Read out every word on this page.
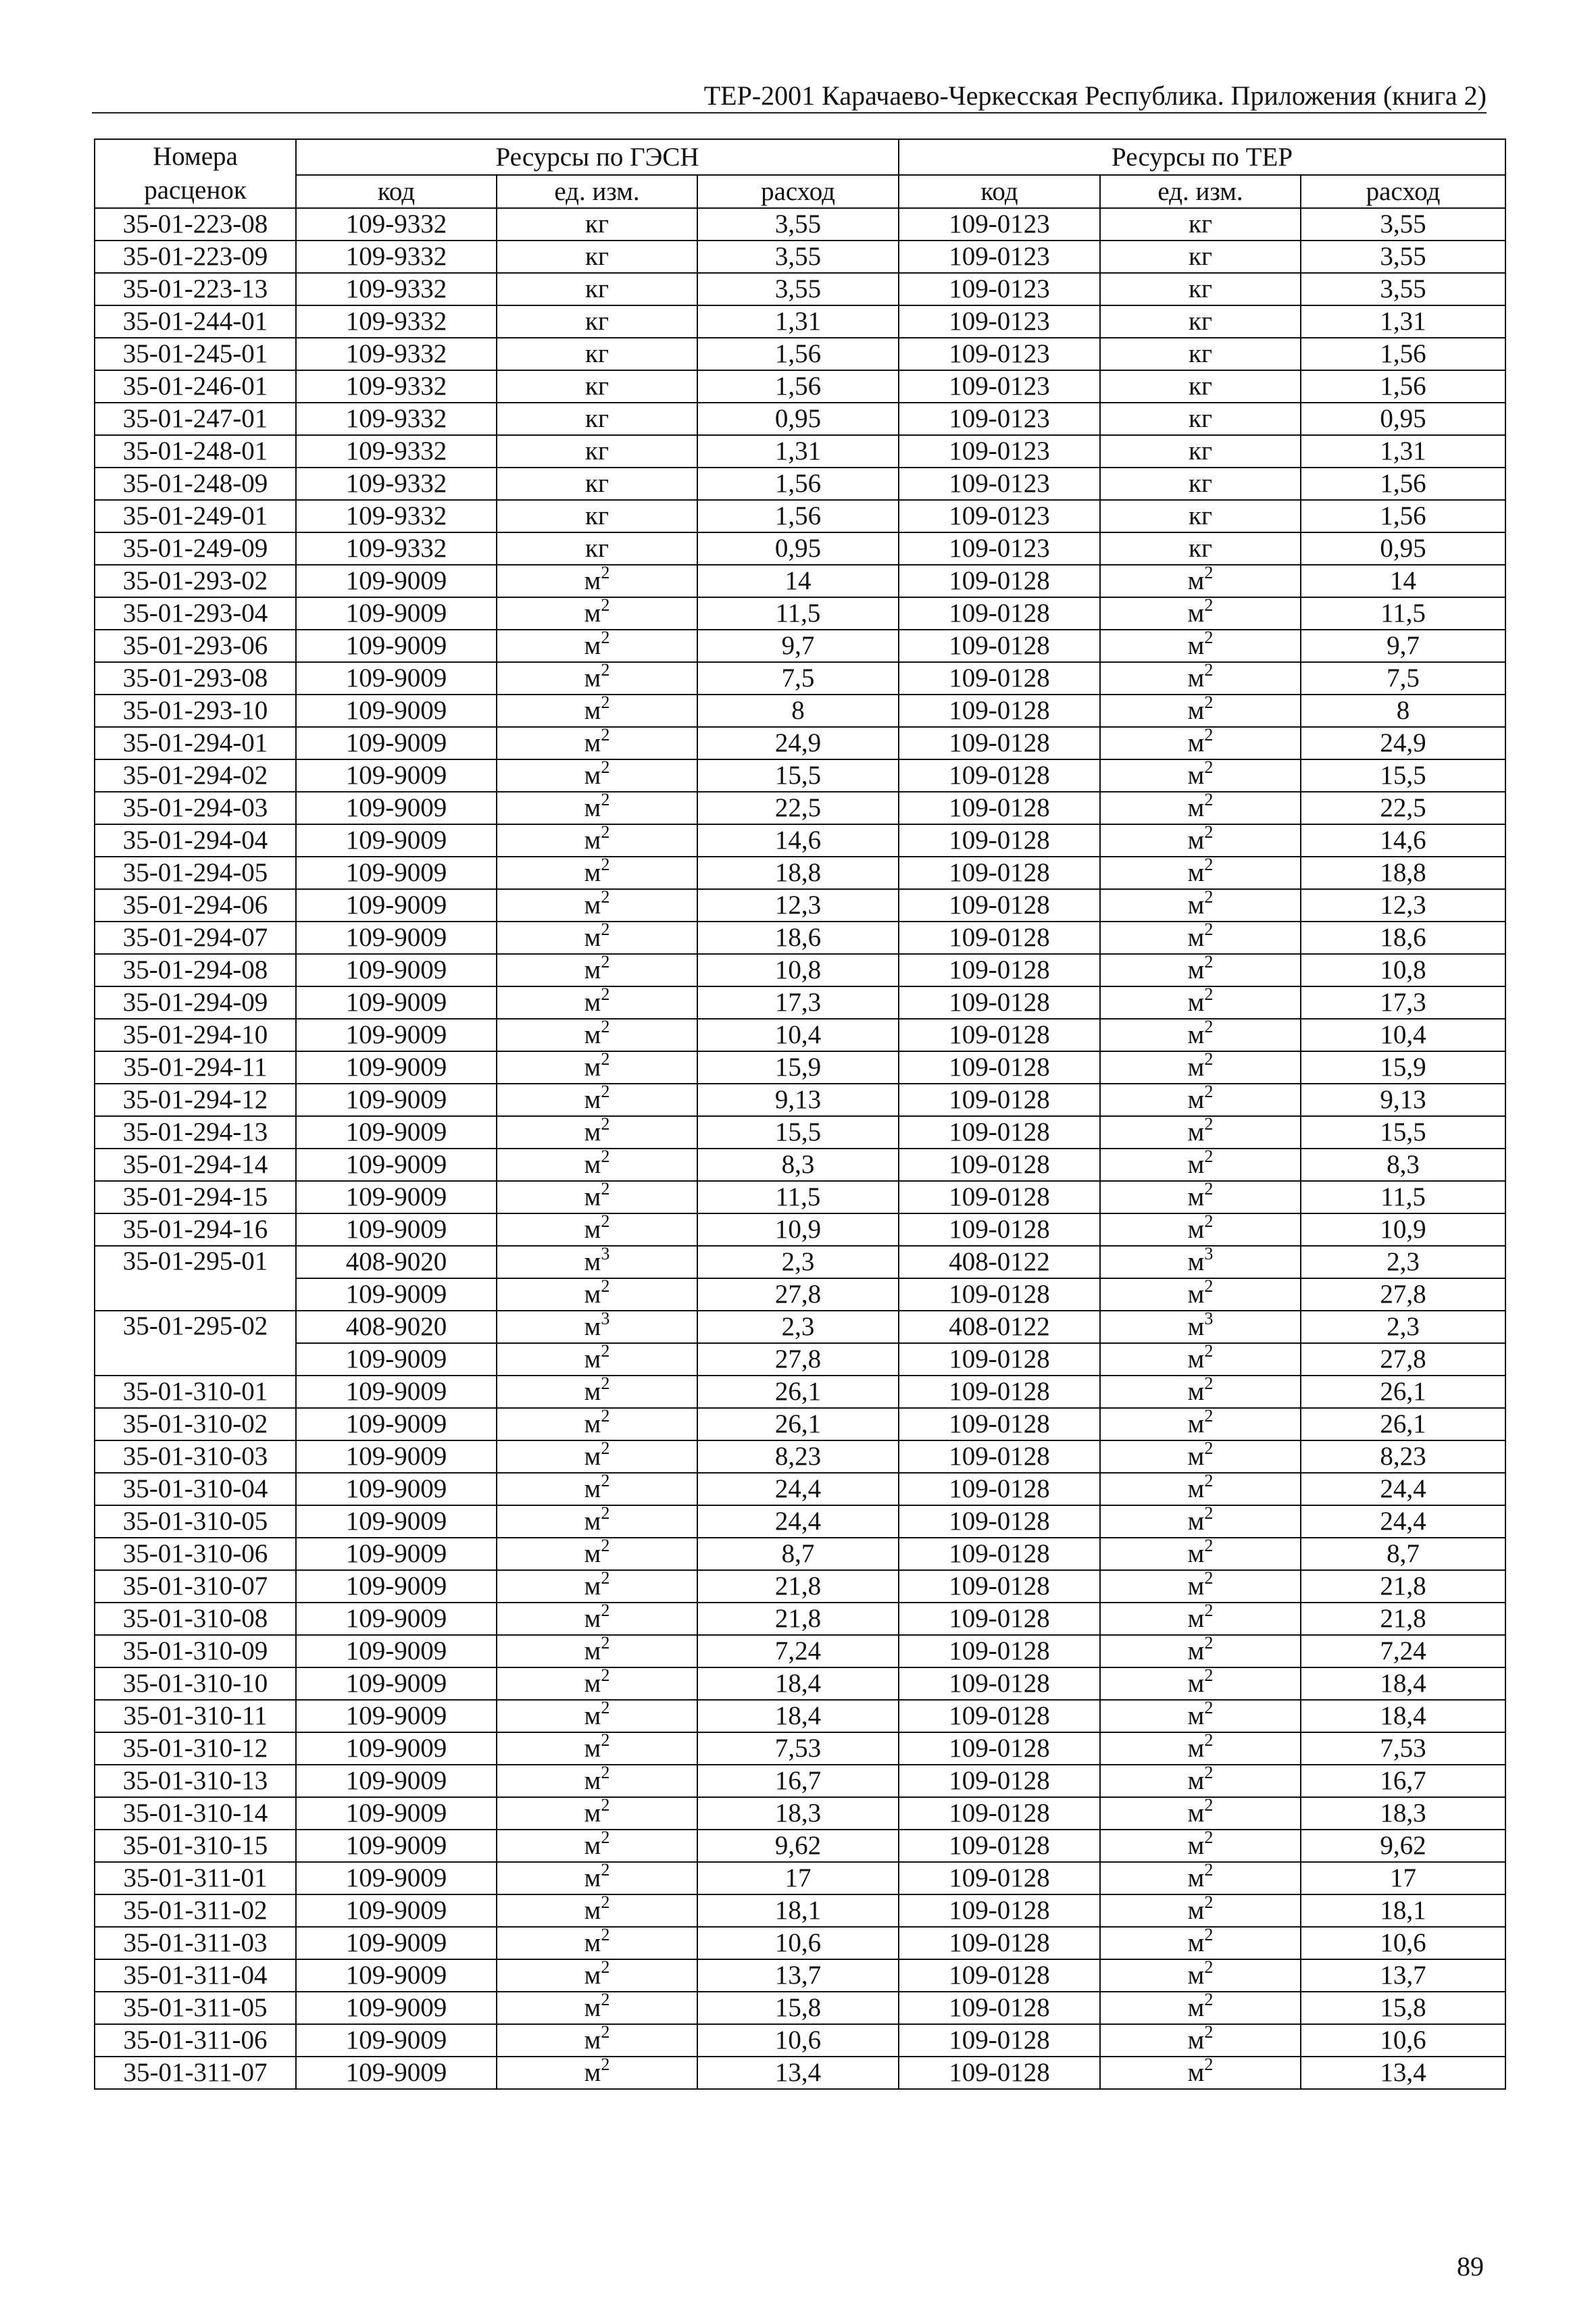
ТЕР-2001 Карачаево-Черкесская Республика. Приложения (книга 2)
Номера расценок	Ресурсы по ГЭСН			Ресурсы по ТЕР		
	код	ед. изм.	расход	код	ед. изм.	расход
35-01-223-08	109-9332	кг	3,55	109-0123	кг	3,55
35-01-223-09	109-9332	кг	3,55	109-0123	кг	3,55
35-01-223-13	109-9332	кг	3,55	109-0123	кг	3,55
35-01-244-01	109-9332	кг	1,31	109-0123	кг	1,31
35-01-245-01	109-9332	кг	1,56	109-0123	кг	1,56
35-01-246-01	109-9332	кг	1,56	109-0123	кг	1,56
35-01-247-01	109-9332	кг	0,95	109-0123	кг	0,95
35-01-248-01	109-9332	кг	1,31	109-0123	кг	1,31
35-01-248-09	109-9332	кг	1,56	109-0123	кг	1,56
35-01-249-01	109-9332	кг	1,56	109-0123	кг	1,56
35-01-249-09	109-9332	кг	0,95	109-0123	кг	0,95
35-01-293-02	109-9009	$м^2$	14	109-0128	$м^2$	14
35-01-293-04	109-9009	$м^2$	11,5	109-0128	$м^2$	11,5
35-01-293-06	109-9009	$м^2$	9,7	109-0128	$м^2$	9,7
35-01-293-08	109-9009	$м^2$	7,5	109-0128	$м^2$	7,5
35-01-293-10	109-9009	$м^2$	8	109-0128	$м^2$	8
35-01-294-01	109-9009	$м^2$	24,9	109-0128	$м^2$	24,9
35-01-294-02	109-9009	$м^2$	15,5	109-0128	$м^2$	15,5
35-01-294-03	109-9009	$м^2$	22,5	109-0128	$м^2$	22,5
35-01-294-04	109-9009	$м^2$	14,6	109-0128	$м^2$	14,6
35-01-294-05	109-9009	$м^2$	18,8	109-0128	$м^2$	18,8
35-01-294-06	109-9009	$м^2$	12,3	109-0128	$м^2$	12,3
35-01-294-07	109-9009	$м^2$	18,6	109-0128	$м^2$	18,6
35-01-294-08	109-9009	$м^2$	10,8	109-0128	$м^2$	10,8
35-01-294-09	109-9009	$м^2$	17,3	109-0128	$м^2$	17,3
35-01-294-10	109-9009	$м^2$	10,4	109-0128	$м^2$	10,4
35-01-294-11	109-9009	$м^2$	15,9	109-0128	$м^2$	15,9
35-01-294-12	109-9009	$м^2$	9,13	109-0128	$м^2$	9,13
35-01-294-13	109-9009	$м^2$	15,5	109-0128	$м^2$	15,5
35-01-294-14	109-9009	$м^2$	8,3	109-0128	$м^2$	8,3
35-01-294-15	109-9009	$м^2$	11,5	109-0128	$м^2$	11,5
35-01-294-16	109-9009	$м^2$	10,9	109-0128	$м^2$	10,9
35-01-295-01	408-9020	$м^3$	2,3	408-0122	$м^3$	2,3
	109-9009	$м^2$	27,8	109-0128	$м^2$	27,8
35-01-295-02	408-9020	$м^3$	2,3	408-0122	$м^3$	2,3
	109-9009	$м^2$	27,8	109-0128	$м^2$	27,8
35-01-310-01	109-9009	$м^2$	26,1	109-0128	$м^2$	26,1
35-01-310-02	109-9009	$м^2$	26,1	109-0128	$м^2$	26,1
35-01-310-03	109-9009	$м^2$	8,23	109-0128	$м^2$	8,23
35-01-310-04	109-9009	$м^2$	24,4	109-0128	$м^2$	24,4
35-01-310-05	109-9009	$м^2$	24,4	109-0128	$м^2$	24,4
35-01-310-06	109-9009	$м^2$	8,7	109-0128	$м^2$	8,7
35-01-310-07	109-9009	$м^2$	21,8	109-0128	$м^2$	21,8
35-01-310-08	109-9009	$м^2$	21,8	109-0128	$м^2$	21,8
35-01-310-09	109-9009	$м^2$	7,24	109-0128	$м^2$	7,24
35-01-310-10	109-9009	$м^2$	18,4	109-0128	$м^2$	18,4
35-01-310-11	109-9009	$м^2$	18,4	109-0128	$м^2$	18,4
35-01-310-12	109-9009	$м^2$	7,53	109-0128	$м^2$	7,53
35-01-310-13	109-9009	$м^2$	16,7	109-0128	$м^2$	16,7
35-01-310-14	109-9009	$м^2$	18,3	109-0128	$м^2$	18,3
35-01-310-15	109-9009	$м^2$	9,62	109-0128	$м^2$	9,62
35-01-311-01	109-9009	$м^2$	17	109-0128	$м^2$	17
35-01-311-02	109-9009	$м^2$	18,1	109-0128	$м^2$	18,1
35-01-311-03	109-9009	$м^2$	10,6	109-0128	$м^2$	10,6
35-01-311-04	109-9009	$м^2$	13,7	109-0128	$м^2$	13,7
35-01-311-05	109-9009	$м^2$	15,8	109-0128	$м^2$	15,8
35-01-311-06	109-9009	$м^2$	10,6	109-0128	$м^2$	10,6
35-01-311-07	109-9009	$м^2$	13,4	109-0128	$м^2$	13,4
89
